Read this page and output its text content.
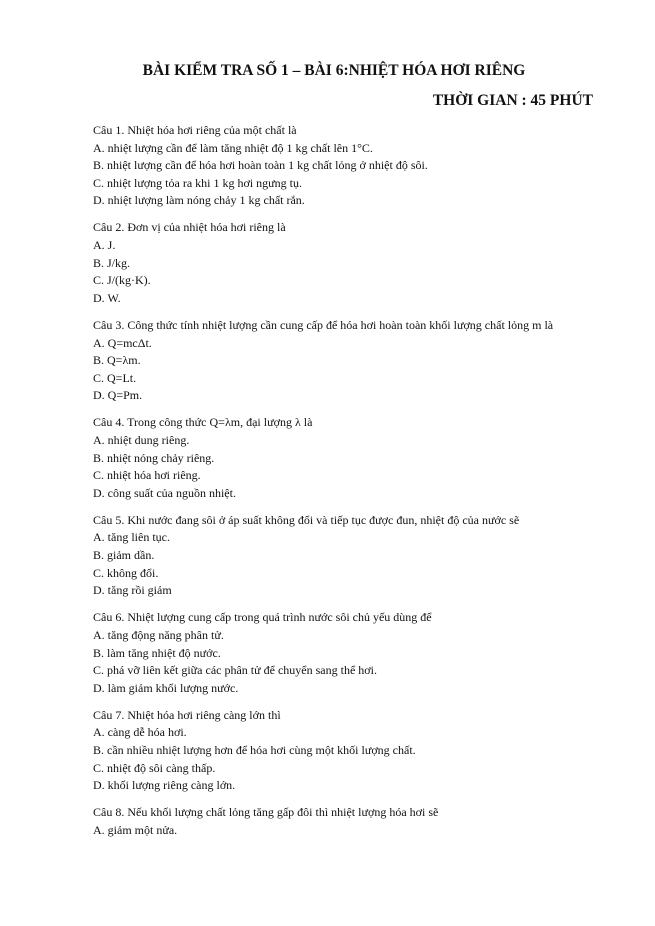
BÀI KIỂM TRA SỐ 1 – BÀI 6:NHIỆT HÓA HƠI RIÊNG

THỜI GIAN : 45 PHÚT

Câu 1. Nhiệt hóa hơi riêng của một chất là

A. nhiệt lượng cần để làm tăng nhiệt độ 1 kg chất lên 1°C.

B. nhiệt lượng cần để hóa hơi hoàn toàn 1 kg chất lỏng ở nhiệt độ sôi.

C. nhiệt lượng tỏa ra khi 1 kg hơi ngưng tụ.

D. nhiệt lượng làm nóng chảy 1 kg chất rắn.

Câu 2. Đơn vị của nhiệt hóa hơi riêng là

A. J.

B. J/kg.

C. J/(kg·K).

D. W.

Câu 3. Công thức tính nhiệt lượng cần cung cấp để hóa hơi hoàn toàn khối lượng chất lỏng m là

A. Q=mcΔt.

B. Q=λm.

C. Q=Lt.

D. Q=Pm.

Câu 4. Trong công thức Q=λm, đại lượng λ là

A. nhiệt dung riêng.

B. nhiệt nóng chảy riêng.

C. nhiệt hóa hơi riêng.

D. công suất của nguồn nhiệt.

Câu 5. Khi nước đang sôi ở áp suất không đổi và tiếp tục được đun, nhiệt độ của nước sẽ

A. tăng liên tục.

B. giảm dần.

C. không đổi.

D. tăng rồi giảm

Câu 6. Nhiệt lượng cung cấp trong quá trình nước sôi chủ yếu dùng để

A. tăng động năng phân tử.

B. làm tăng nhiệt độ nước.

C. phá vỡ liên kết giữa các phân tử để chuyển sang thể hơi.

D. làm giảm khối lượng nước.

Câu 7. Nhiệt hóa hơi riêng càng lớn thì

A. càng dễ hóa hơi.

B. cần nhiều nhiệt lượng hơn để hóa hơi cùng một khối lượng chất.

C. nhiệt độ sôi càng thấp.

D. khối lượng riêng càng lớn.

Câu 8. Nếu khối lượng chất lỏng tăng gấp đôi thì nhiệt lượng hóa hơi sẽ

A. giảm một nửa.
